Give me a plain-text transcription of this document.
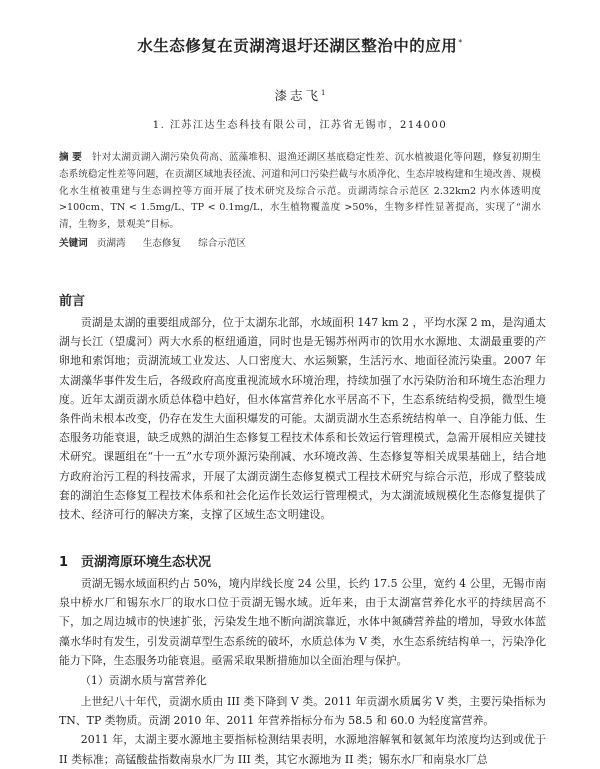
水生态修复在贡湖湾退圩还湖区整治中的应用*
漆志飞$^1$
1. 江苏江达生态科技有限公司，江苏省无锡市，214000
摘 要 针对太湖贡湖入湖污染负荷高、蓝藻堆积、退渔还湖区基底稳定性差、沉水植被退化等问题，修复初期生态系统稳定性差等问题，在贡湖区域地表径流、河道和河口污染拦截与水质净化、生态岸坡构建和生境改善、规模化水生植被重建与生态调控等方面开展了技术研究及综合示范。贡湖湾综合示范区 2.32km2 内水体透明度 >100cm、TN < 1.5mg/L、TP < 0.1mg/L，水生植物覆盖度 >50%，生物多样性显著提高，实现了“湖水清，生物多，景观美”目标。
关键词 贡湖湾 生态修复 综合示范区
前言

贡湖是太湖的重要组成部分，位于太湖东北部，水域面积 147 km 2 ，平均水深 2 m，是沟通太湖与长江（望虞河）两大水系的枢纽通道，同时也是无锡苏州两市的饮用水水源地、太湖最重要的产卵地和索饵地；贡湖流域工业发达、人口密度大、水运频繁，生活污水、地面径流污染重。2007 年太湖藻华事件发生后，各级政府高度重视流域水环境治理，持续加强了水污染防治和环境生态治理力度。近年太湖贡湖水质总体稳中趋好，但水体富营养化水平居高不下，生态系统结构受损，微型生境条件尚未根本改变，仍存在发生大面积爆发的可能。太湖贡湖水生态系统结构单一、自净能力低、生态服务功能衰退，缺乏成熟的湖泊生态修复工程技术体系和长效运行管理模式，急需开展相应关键技术研究。课题组在“十一五”水专项外源污染削减、水环境改善、生态修复等相关成果基础上，结合地方政府治污工程的科技需求，开展了太湖贡湖生态修复模式工程技术研究与综合示范，形成了整装成套的湖泊生态修复工程技术体系和社会化运作长效运行管理模式，为太湖流域规模化生态修复提供了技术、经济可行的解决方案，支撑了区域生态文明建设。

1　贡湖湾原环境生态状况

贡湖无锡水域面积约占 50%，境内岸线长度 24 公里，长约 17.5 公里，宽约 4 公里，无锡市南泉中桥水厂和锡东水厂的取水口位于贡湖无锡水域。近年来，由于太湖富营养化水平的持续居高不下，加之周边城市的快速扩张，污染发生地不断向湖滨靠近，水体中氮磷营养盐的增加，导致水体蓝藻水华时有发生，引发贡湖草型生态系统的破坏，水质总体为 V 类，水生态系统结构单一，污染净化能力下降，生态服务功能衰退。亟需采取果断措施加以全面治理与保护。

（1）贡湖水质与富营养化

上世纪八十年代，贡湖水质由 III 类下降到 V 类。2011 年贡湖水质属劣 V 类，主要污染指标为 TN、TP 类物质。贡湖 2010 年、2011 年营养指标分布为 58.5 和 60.0 为轻度富营养。

2011 年，太湖主要水源地主要指标检测结果表明，水源地溶解氧和氨氮年均浓度均达到或优于 II 类标准；高锰酸盐指数南泉水厂为 III 类，其它水源地为 II 类；锡东水厂和南泉水厂总
